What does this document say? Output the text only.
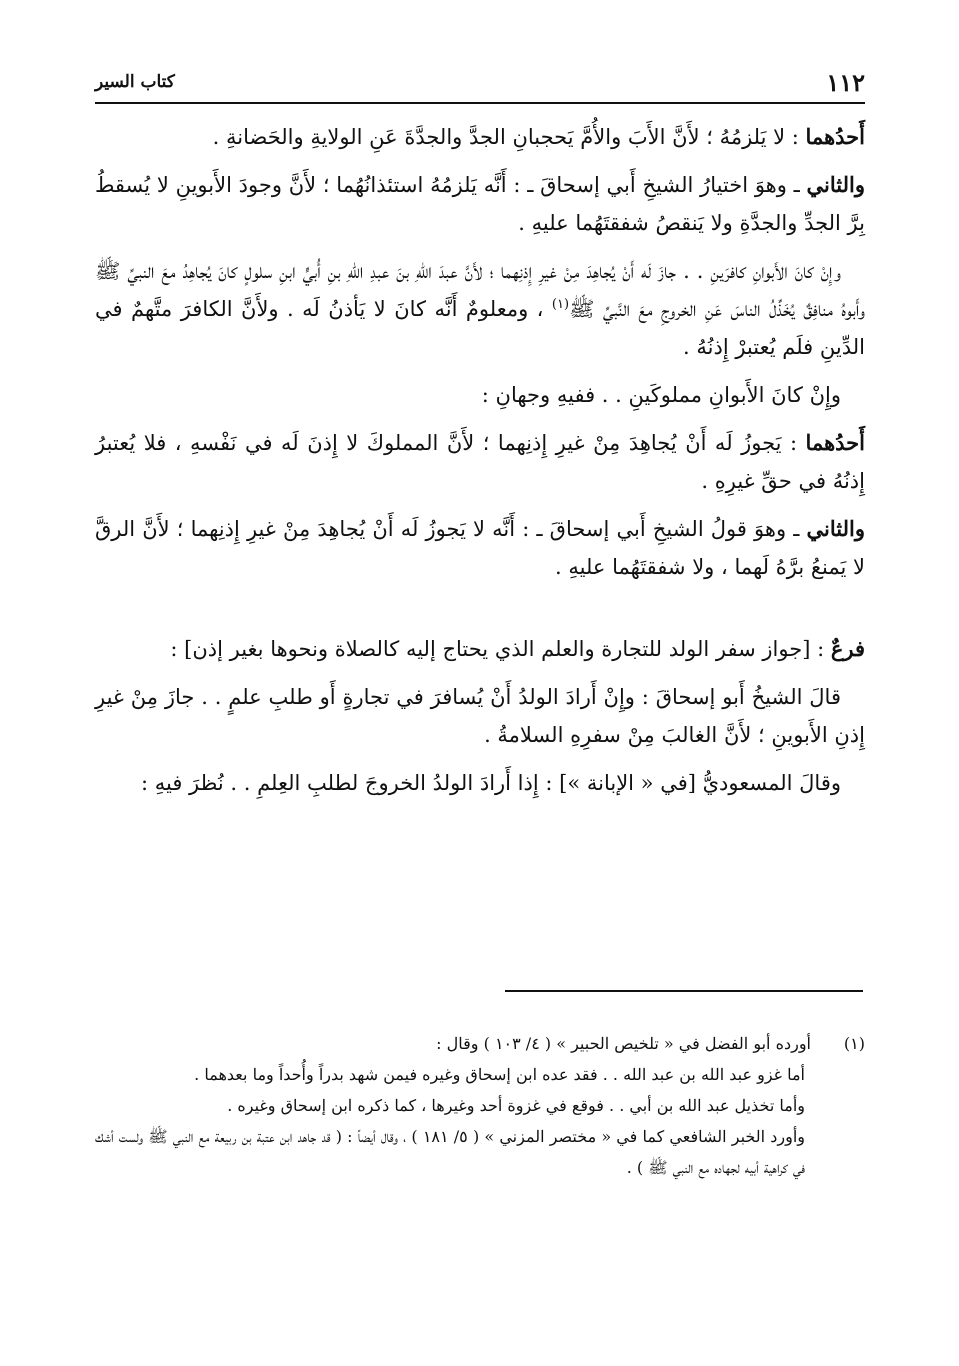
١١٢
كتاب السير

أَحدُهما : لا يَلزمُهُ ؛ لأَنَّ الأَبَ والأُمَّ يَحجبانِ الجدَّ والجدَّةَ عَنِ الولايةِ والحَضانةِ .

والثاني ـ وهوَ اختيارُ الشيخِ أَبي إسحاقَ ـ : أَنَّه يَلزمُهُ استئذانُهُما ؛ لأَنَّ وجودَ الأَبوينِ لا يُسقطُ بِرَّ الجدِّ والجدَّةِ ولا يَنقصُ شفقتَهُما عليهِ .

وإِنْ كانَ الأَبوانِ كافرَينِ . . جازَ لَه أَنْ يُجاهِدَ مِنْ غيرِ إِذنِهما ؛ لأَنَّ عبدَ اللهِ بنَ عبدِ اللهِ بنِ أُبيٍّ ابنِ سلولٍ كانَ يُجاهِدُ معَ النبيِّ ﷺ وأَبوهُ منافِقٌ يُخَذِّلُ الناسَ عَنِ الخروجِ معَ النَّبيِّ ﷺ$^{(١)}$ ، ومعلومٌ أَنَّه كانَ لا يَأذنُ لَه . ولأَنَّ الكافرَ متَّهمٌ في الدِّينِ فلَم يُعتبرْ إِذنُهُ .

وإِنْ كانَ الأَبوانِ مملوكَينِ . . ففيهِ وجهانِ :

أَحدُهما : يَجوزُ لَه أَنْ يُجاهِدَ مِنْ غيرِ إِذنِهما ؛ لأَنَّ المملوكَ لا إِذنَ لَه في نَفْسهِ ، فلا يُعتبرُ إِذنُهُ في حقِّ غيرِهِ .

والثاني ـ وهوَ قولُ الشيخِ أَبي إسحاقَ ـ : أَنَّه لا يَجوزُ لَه أَنْ يُجاهِدَ مِنْ غيرِ إِذنِهما ؛ لأَنَّ الرقَّ لا يَمنعُ برَّهُ لَهما ، ولا شفقتَهُما عليهِ .

فرعٌ : [جواز سفر الولد للتجارة والعلم الذي يحتاج إليه كالصلاة ونحوها بغير إذن] :

قالَ الشيخُ أَبو إسحاقَ : وإِنْ أَرادَ الولدُ أَنْ يُسافرَ في تجارةٍ أَو طلبِ علمٍ . . جازَ مِنْ غيرِ إِذنِ الأَبوينِ ؛ لأَنَّ الغالبَ مِنْ سفرِهِ السلامةُ .

وقالَ المسعوديُّ [في « الإبانة »] : إِذا أَرادَ الولدُ الخروجَ لطلبِ العِلمِ . . نُظرَ فيهِ :

(١)أورده أبو الفضل في « تلخيص الحبير » ( ٤/ ١٠٣ ) وقال :

أما غزو عبد الله بن عبد الله . . فقد عده ابن إسحاق وغيره فيمن شهد بدراً وأُحداً وما بعدهما .

وأما تخذيل عبد الله بن أبي . . فوقع في غزوة أحد وغيرها ، كما ذكره ابن إسحاق وغيره .

وأورد الخبر الشافعي كما في « مختصر المزني » ( ٥/ ١٨١ ) ، وقال أيضاً : ( قد جاهد ابن عتبة بن ربيعة مع النبي ﷺ ولست أشك في كراهية أبيه لجهاده مع النبي ﷺ ) .
